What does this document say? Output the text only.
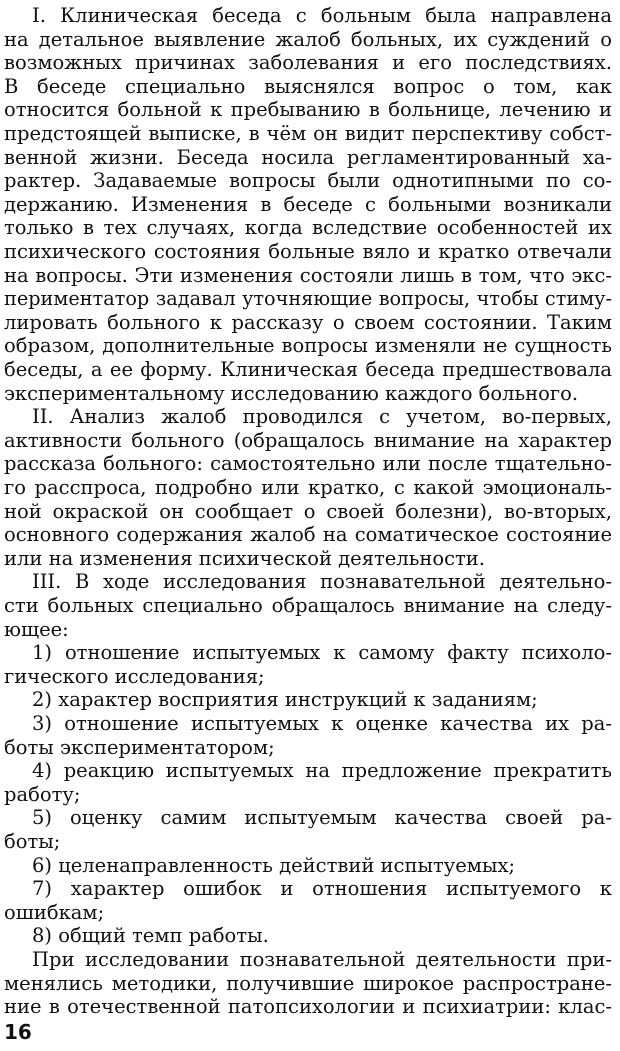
I. Клиническая беседа с больным была направлена
на детальное выявление жалоб больных, их суждений о
возможных причинах заболевания и его последствиях.
В беседе специально выяснялся вопрос о том, как
относится больной к пребыванию в больнице, лечению и
предстоящей выписке, в чём он видит перспективу собст-
венной жизни. Беседа носила регламентированный ха-
рактер. Задаваемые вопросы были однотипными по со-
держанию. Изменения в беседе с больными возникали
только в тех случаях, когда вследствие особенностей их
психического состояния больные вяло и кратко отвечали
на вопросы. Эти изменения состояли лишь в том, что экс-
периментатор задавал уточняющие вопросы, чтобы стиму-
лировать больного к рассказу о своем состоянии. Таким
образом, дополнительные вопросы изменяли не сущность
беседы, а ее форму. Клиническая беседа предшествовала
экспериментальному исследованию каждого больного.
II. Анализ жалоб проводился с учетом, во-первых,
активности больного (обращалось внимание на характер
рассказа больного: самостоятельно или после тщательно-
го расспроса, подробно или кратко, с какой эмоциональ-
ной окраской он сообщает о своей болезни), во-вторых,
основного содержания жалоб на соматическое состояние
или на изменения психической деятельности.
III. В ходе исследования познавательной деятельно-
сти больных специально обращалось внимание на следу-
ющее:
1) отношение испытуемых к самому факту психоло-
гического исследования;
2) характер восприятия инструкций к заданиям;
3) отношение испытуемых к оценке качества их ра-
боты экспериментатором;
4) реакцию испытуемых на предложение прекратить
работу;
5) оценку самим испытуемым качества своей ра-
боты;
6) целенаправленность действий испытуемых;
7) характер ошибок и отношения испытуемого к
ошибкам;
8) общий темп работы.
При исследовании познавательной деятельности при-
менялись методики, получившие широкое распростране-
ние в отечественной патопсихологии и психиатрии: клас-
16
